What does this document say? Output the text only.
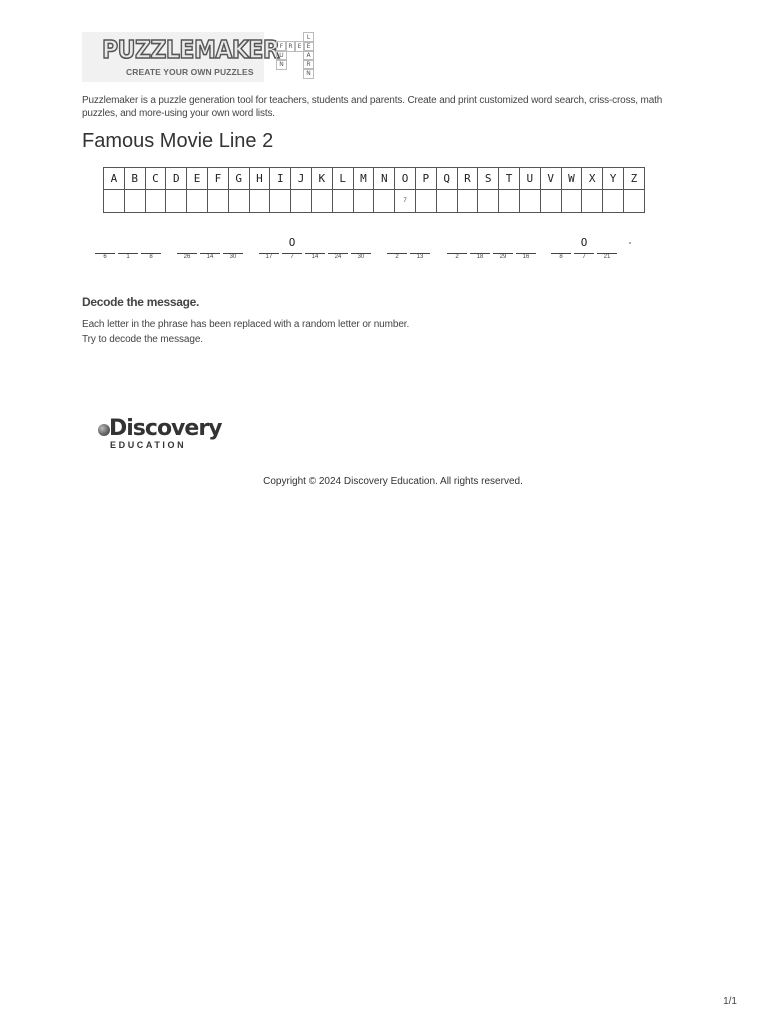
PUZZLEMAKER
CREATE YOUR OWN PUZZLES
F R E E
U
N
L
A
R
N
Puzzlemaker is a puzzle generation tool for teachers, students and parents. Create and print customized word search, criss-cross, math puzzles, and more-using your own word lists.
Famous Movie Line 2
A	B	C	D	E	F	G	H	I	J	K	L	M	N	O	P	Q	R	S	T	U	V	W	X	Y	Z
														7											
6	1	8	26	14	30	17
O
7	14	24	30	2	13	2	18	29	16	8
O
7	21
Decode the message.
Each letter in the phrase has been replaced with a random letter or number.
Try to decode the message.
Discovery
EDUCATION
Copyright © 2024 Discovery Education. All rights reserved.
1/1
